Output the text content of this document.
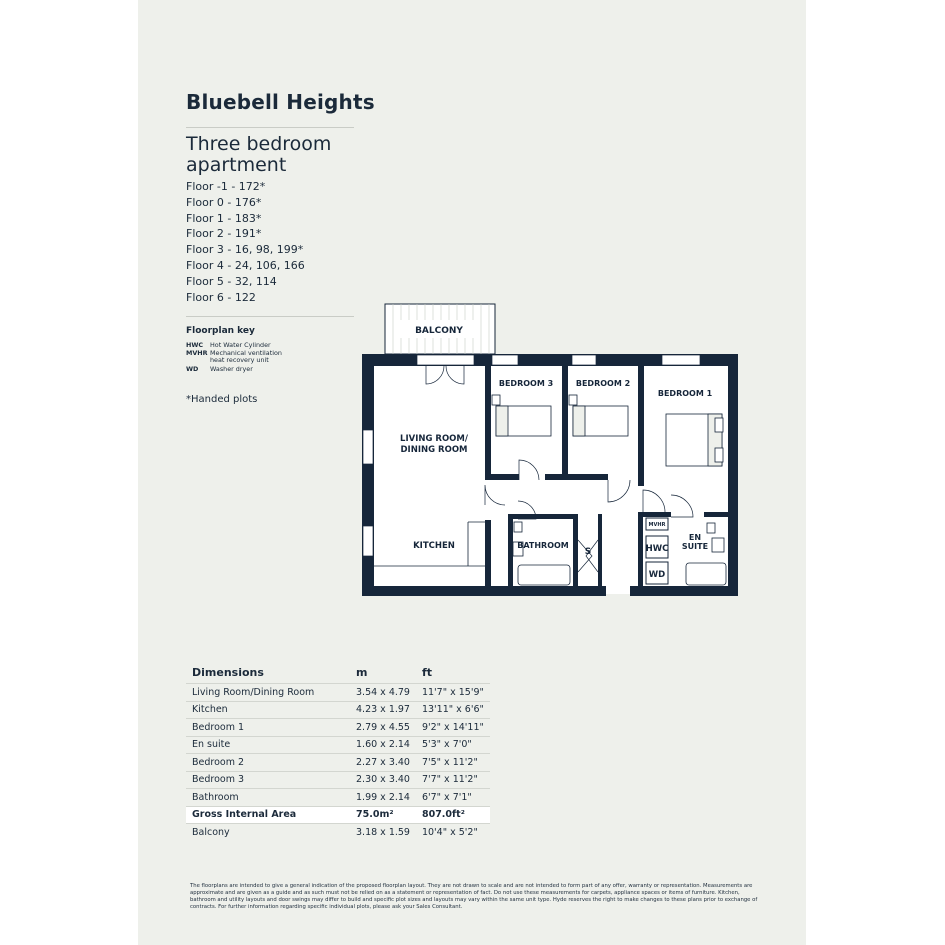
Bluebell Heights
Three bedroom apartment
Floor -1 - 172*
Floor 0 - 176*
Floor 1 - 183*
Floor 2 - 191*
Floor 3 - 16, 98, 199*
Floor 4 - 24, 106, 166
Floor 5 - 32, 114
Floor 6 - 122
Floorplan key
HWC Hot Water Cylinder
MVHR Mechanical ventilation heat recovery unit
WD Washer dryer
*Handed plots
BALCONY
BEDROOM 3	BEDROOM 2
BEDROOM 1
LIVING ROOM/
DINING ROOM
KITCHEN	BATHROOM
S
MVHR
HWC
WD
EN
SUITE
Dimensions	m	ft
Living Room/Dining Room	3.54 x 4.79	11'7" x 15'9"
Kitchen	4.23 x 1.97	13'11" x 6'6"
Bedroom 1	2.79 x 4.55	9'2" x 14'11"
En suite	1.60 x 2.14	5'3" x 7'0"
Bedroom 2	2.27 x 3.40	7'5" x 11'2"
Bedroom 3	2.30 x 3.40	7'7" x 11'2"
Bathroom	1.99 x 2.14	6'7" x 7'1"
Gross Internal Area	75.0m²	807.0ft²
Balcony	3.18 x 1.59	10'4" x 5'2"
The floorplans are intended to give a general indication of the proposed floorplan layout. They are not drawn to scale and are not intended to form part of any offer, warranty or representation. Measurements are approximate and are given as a guide and as such must not be relied on as a statement or representation of fact. Do not use these measurements for carpets, appliance spaces or items of furniture. Kitchen, bathroom and utility layouts and door swings may differ to build and specific plot sizes and layouts may vary within the same unit type. Hyde reserves the right to make changes to these plans prior to exchange of contracts. For further information regarding specific individual plots, please ask your Sales Consultant.
